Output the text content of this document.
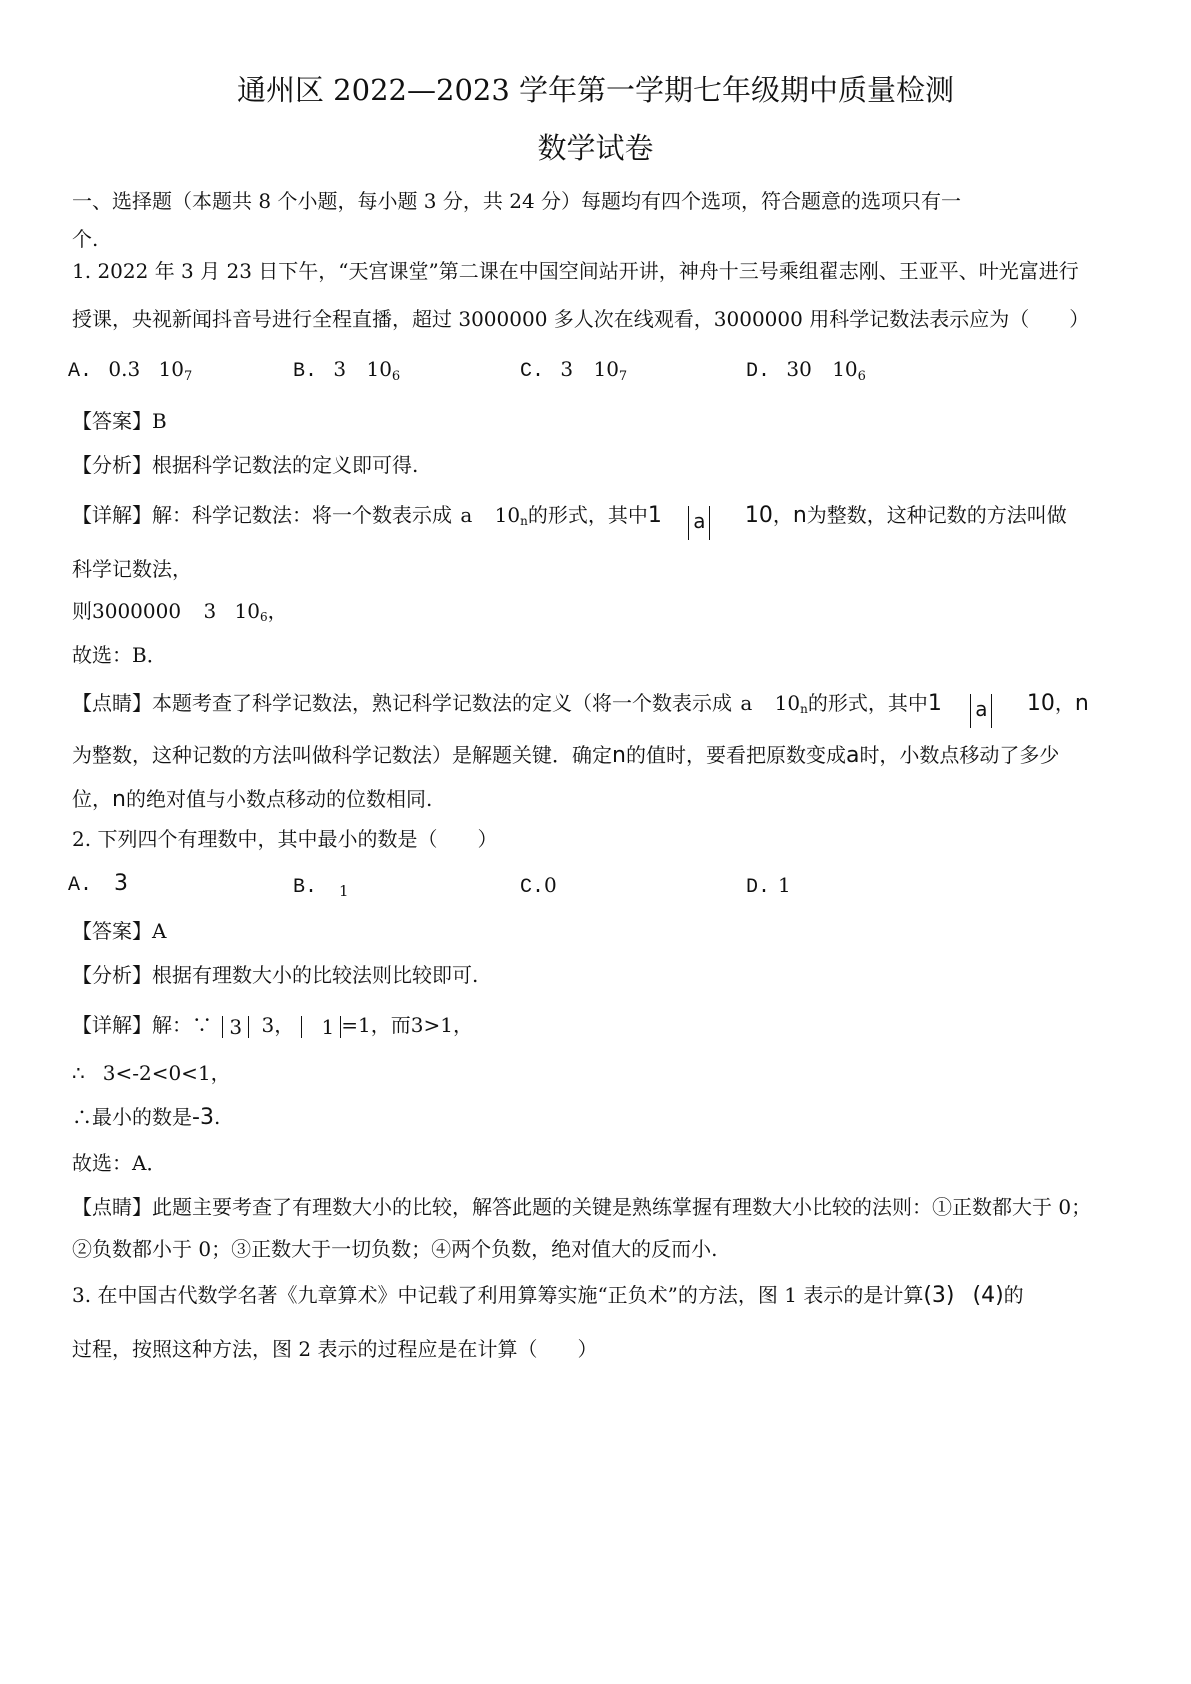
通州区 2022—2023 学年第一学期七年级期中质量检测
数学试卷
一、选择题（本题共 8 个小题，每小题 3 分，共 24 分）每题均有四个选项，符合题意的选项只有一
个.
1. 2022 年 3 月 23 日下午，“天宫课堂”第二课在中国空间站开讲，神舟十三号乘组翟志刚、王亚平、叶光富进行
授课，央视新闻抖音号进行全程直播，超过 3000000 多人次在线观看，3000000 用科学记数法表示应为（　　）
A. 0.3 $10_7$	B. 3 $10_6$	C. 3 $10_7$	D. 30 $10_6$
【答案】B
【分析】根据科学记数法的定义即可得.
【详解】解：科学记数法：将一个数表示成 a $10_n$的形式，其中1 a 10，n为整数，这种记数的方法叫做
科学记数法，
则3000000 3 $10_6$，
故选：B．
【点睛】本题考查了科学记数法，熟记科学记数法的定义（将一个数表示成 a $10_n$的形式，其中1 a 10，n
为整数，这种记数的方法叫做科学记数法）是解题关键．确定n的值时，要看把原数变成a时，小数点移动了多少
位，n的绝对值与小数点移动的位数相同.
2. 下列四个有理数中，其中最小的数是（　　）
A. 3	B. $_1$	C.0	D. 1
【答案】A
【分析】根据有理数大小的比较法则比较即可.
【详解】解：∵ 3 3， 1 =1，而3>1，
∴ 3<-2<0<1，
∴最小的数是-3.
故选：A．
【点睛】此题主要考查了有理数大小的比较，解答此题的关键是熟练掌握有理数大小比较的法则：①正数都大于 0；
②负数都小于 0；③正数大于一切负数；④两个负数，绝对值大的反而小.
3. 在中国古代数学名著《九章算术》中记载了利用算筹实施“正负术”的方法，图 1 表示的是计算(3) (4)的
过程，按照这种方法，图 2 表示的过程应是在计算（　　）
